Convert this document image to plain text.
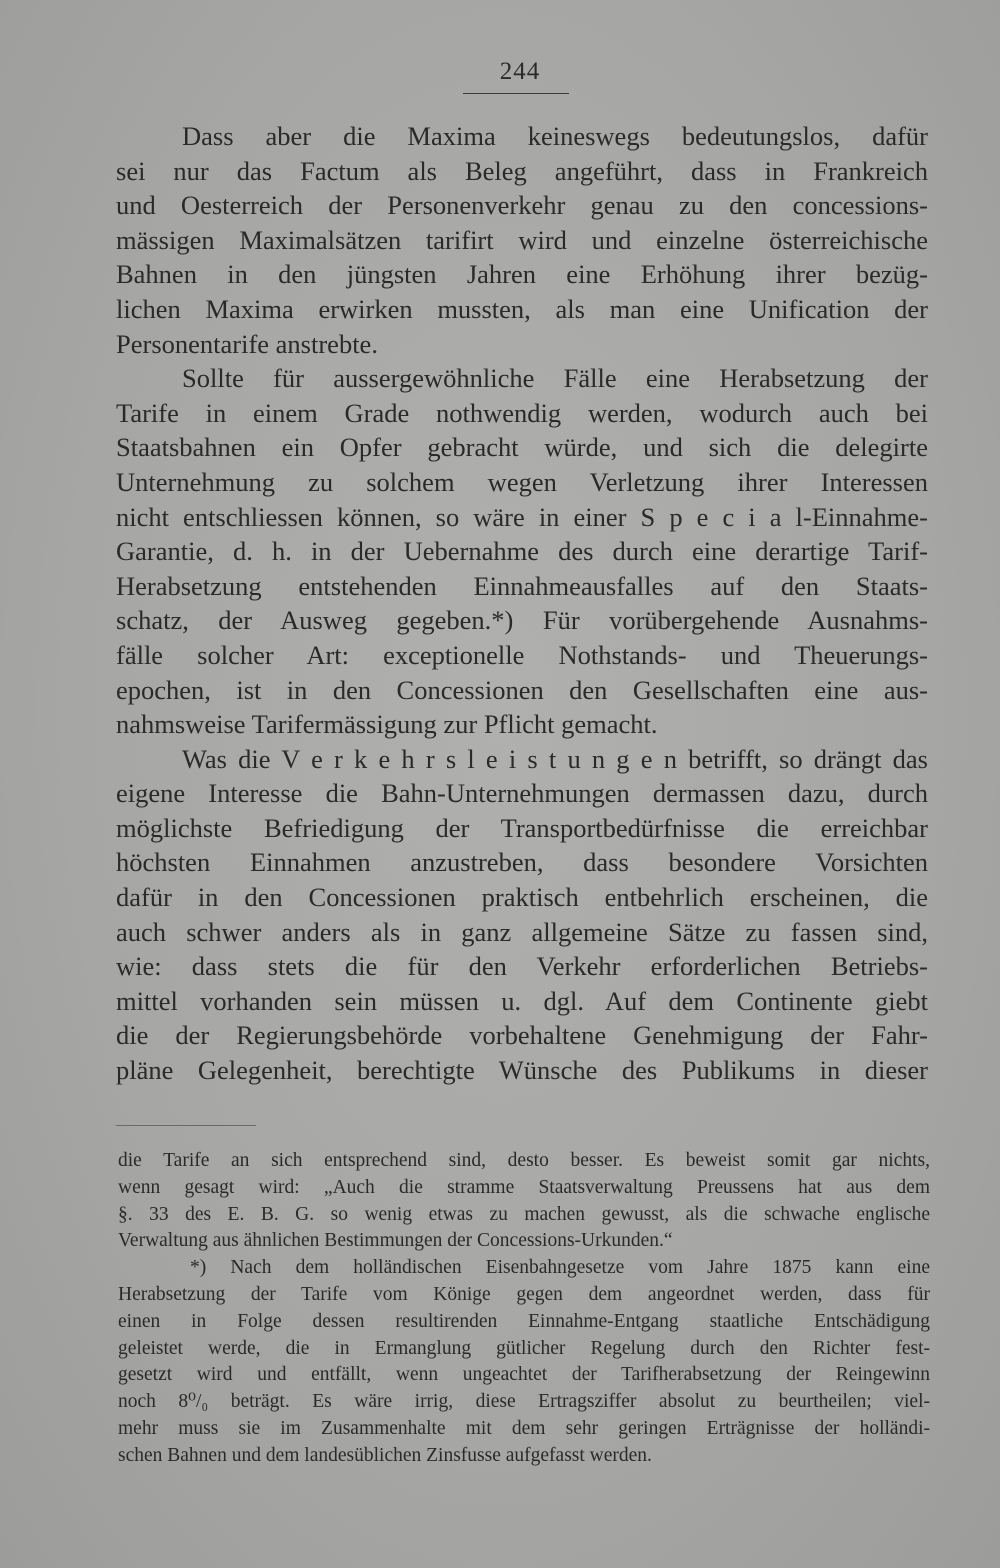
244
Dass aber die Maxima keineswegs bedeutungslos, dafür
sei nur das Factum als Beleg angeführt, dass in Frankreich
und Oesterreich der Personenverkehr genau zu den concessions-
mässigen Maximalsätzen tarifirt wird und einzelne österreichische
Bahnen in den jüngsten Jahren eine Erhöhung ihrer bezüg-
lichen Maxima erwirken mussten, als man eine Unification der
Personentarife anstrebte.
Sollte für aussergewöhnliche Fälle eine Herabsetzung der
Tarife in einem Grade nothwendig werden, wodurch auch bei
Staatsbahnen ein Opfer gebracht würde, und sich die delegirte
Unternehmung zu solchem wegen Verletzung ihrer Interessen
nicht entschliessen können, so wäre in einer S p e c i a l-Einnahme-
Garantie, d. h. in der Uebernahme des durch eine derartige Tarif-
Herabsetzung entstehenden Einnahmeausfalles auf den Staats-
schatz, der Ausweg gegeben.*) Für vorübergehende Ausnahms-
fälle solcher Art: exceptionelle Nothstands- und Theuerungs-
epochen, ist in den Concessionen den Gesellschaften eine aus-
nahmsweise Tarifermässigung zur Pflicht gemacht.
Was die V e r k e h r s l e i s t u n g e n betrifft, so drängt das
eigene Interesse die Bahn-Unternehmungen dermassen dazu, durch
möglichste Befriedigung der Transportbedürfnisse die erreichbar
höchsten Einnahmen anzustreben, dass besondere Vorsichten
dafür in den Concessionen praktisch entbehrlich erscheinen, die
auch schwer anders als in ganz allgemeine Sätze zu fassen sind,
wie: dass stets die für den Verkehr erforderlichen Betriebs-
mittel vorhanden sein müssen u. dgl. Auf dem Continente giebt
die der Regierungsbehörde vorbehaltene Genehmigung der Fahr-
pläne Gelegenheit, berechtigte Wünsche des Publikums in dieser
die Tarife an sich entsprechend sind, desto besser. Es beweist somit gar nichts,
wenn gesagt wird: „Auch die stramme Staatsverwaltung Preussens hat aus dem
§. 33 des E. B. G. so wenig etwas zu machen gewusst, als die schwache englische
Verwaltung aus ähnlichen Bestimmungen der Concessions-Urkunden.“
*) Nach dem holländischen Eisenbahngesetze vom Jahre 1875 kann eine
Herabsetzung der Tarife vom Könige gegen dem angeordnet werden, dass für
einen in Folge dessen resultirenden Einnahme-Entgang staatliche Entschädigung
geleistet werde, die in Ermanglung gütlicher Regelung durch den Richter fest-
gesetzt wird und entfällt, wenn ungeachtet der Tarifherabsetzung der Reingewinn
noch 8⁰/₀ beträgt. Es wäre irrig, diese Ertragsziffer absolut zu beurtheilen; viel-
mehr muss sie im Zusammenhalte mit dem sehr geringen Erträgnisse der holländi-
schen Bahnen und dem landesüblichen Zinsfusse aufgefasst werden.
